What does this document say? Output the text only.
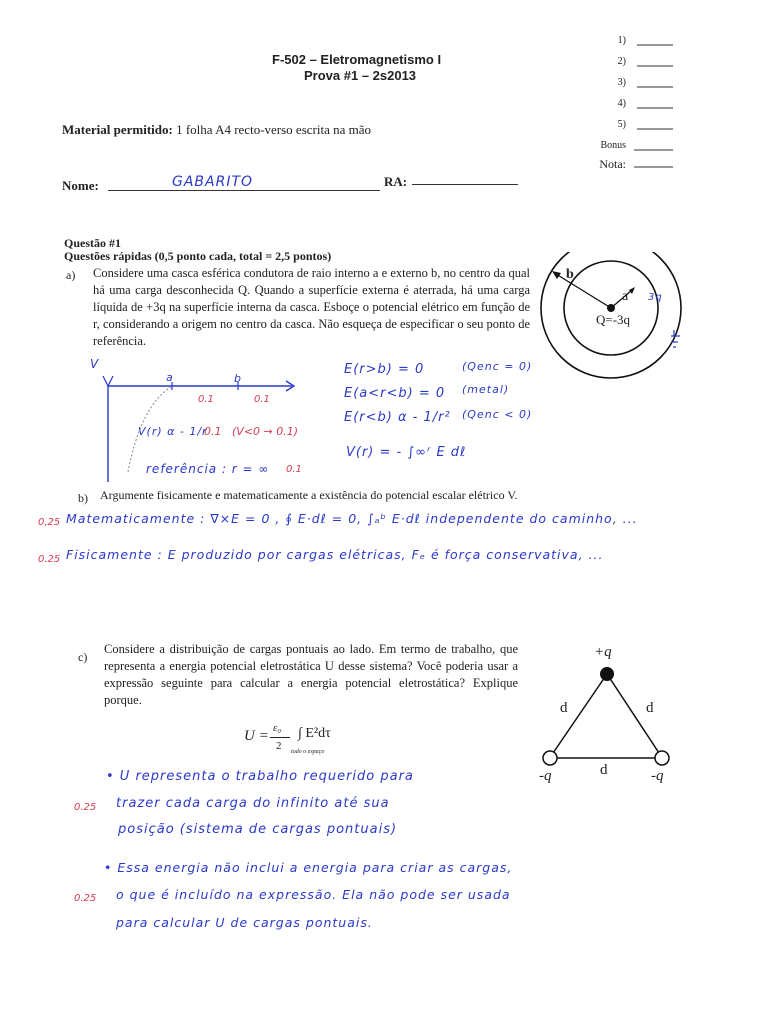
F-502 – Eletromagnetismo I
Prova #1 – 2s2013
1)
2)
3)
4)
5)
Bonus
Nota:
Material permitido: 1 folha A4 recto-verso escrita na mão
Nome:	GABARITO	RA:
Questão #1
Questões rápidas (0,5 ponto cada, total = 2,5 pontos)
a) Considere uma casca esférica condutora de raio interno a e externo b, no centro da qual há uma carga desconhecida Q. Quando a superfície externa é aterrada, há uma carga líquida de +3q na superfície interna da casca. Esboçe o potencial elétrico em função de r, considerando a origem no centro da casca. Não esqueça de especificar o seu ponto de referência.
b
a
Q=-3q
3q
V
a	b
0.1	0.1
V(r) α - 1/r
0.1 (V<0 → 0.1)
referência : r = ∞ 0.1
E(r>b) = 0	(Qenc = 0)
E(a<r<b) = 0 (metal)
E(r<b) α - 1/r² (Qenc < 0)
V(r) = - ∫∞ʳ E dℓ
b) Argumente fisicamente e matematicamente a existência do potencial escalar elétrico V.
0,25 Matematicamente : ∇×E = 0 , ∮ E·dℓ = 0, ∫ₐᵇ E·dℓ independente do caminho, ...
0.25 Fisicamente : E produzido por cargas elétricas, Fₑ é força conservativa, ...
c)
Considere a distribuição de cargas pontuais ao lado. Em termo de trabalho, que representa a energia potencial eletrostática U desse sistema? Você poderia usar a expressão seguinte para calcular a energia potencial eletrostática? Explique porque.
U = ε₀
2
∫ E²dτ
todo o espaço
+q
-q	-q
d	d
d
• U representa o trabalho requerido para
0.25 trazer cada carga do infinito até sua
posição (sistema de cargas pontuais)
• Essa energia não inclui a energia para criar as cargas,
0.25 o que é incluído na expressão. Ela não pode ser usada
para calcular U de cargas pontuais.
